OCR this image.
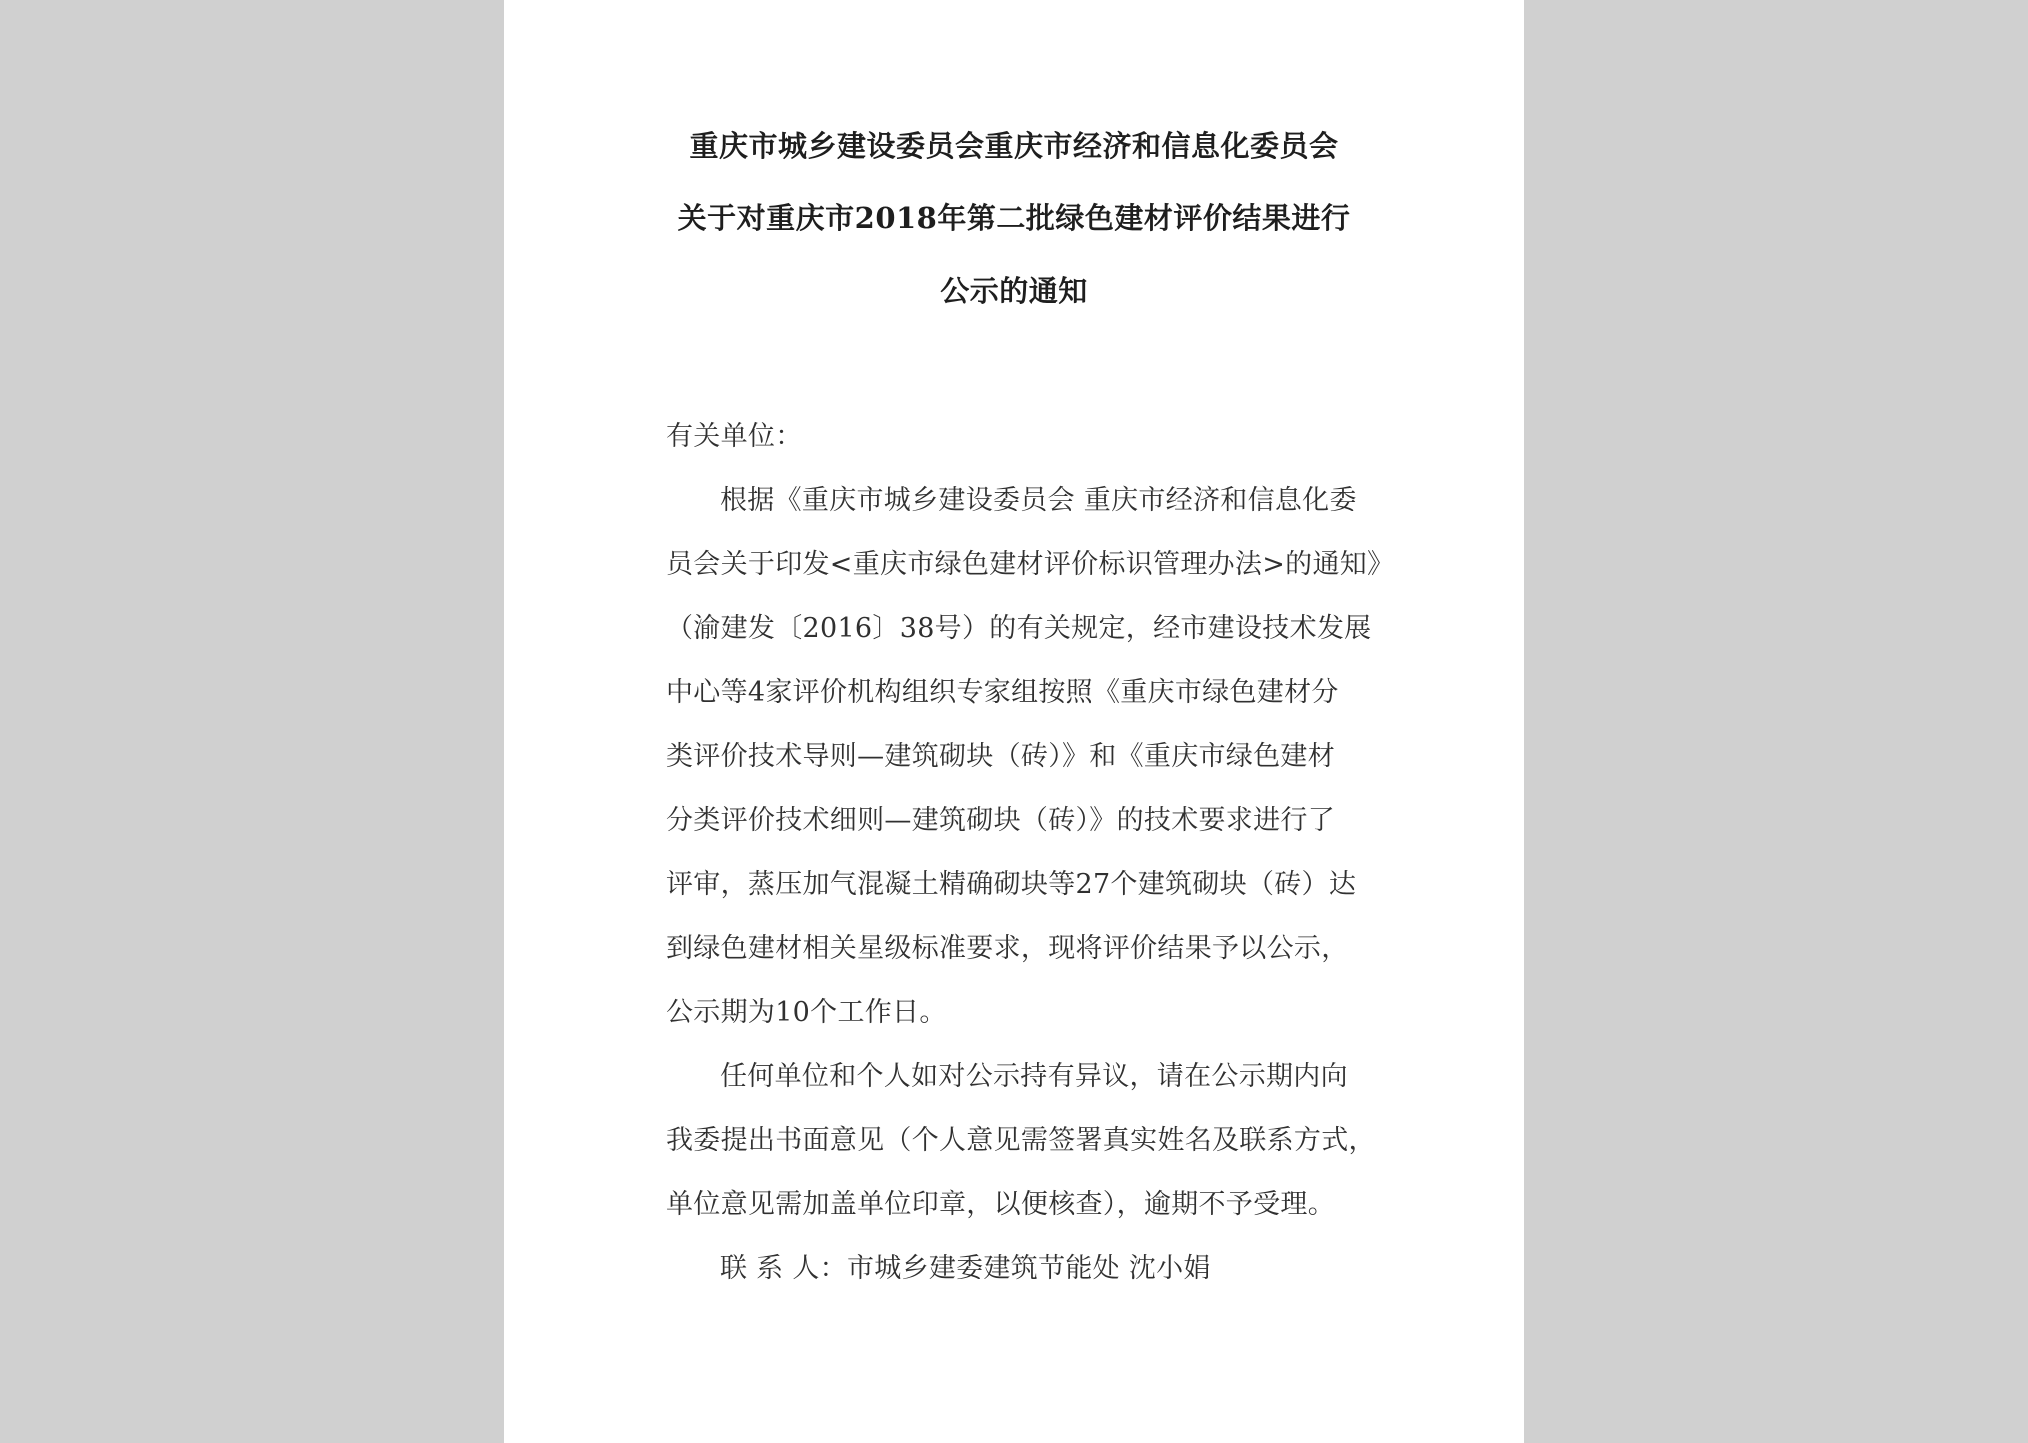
重庆市城乡建设委员会重庆市经济和信息化委员会
关于对重庆市2018年第二批绿色建材评价结果进行
公示的通知
有关单位：
根据《重庆市城乡建设委员会 重庆市经济和信息化委
员会关于印发<重庆市绿色建材评价标识管理办法>的通知》
（渝建发〔2016〕38号）的有关规定，经市建设技术发展
中心等4家评价机构组织专家组按照《重庆市绿色建材分
类评价技术导则—建筑砌块（砖）》和《重庆市绿色建材
分类评价技术细则—建筑砌块（砖）》的技术要求进行了
评审，蒸压加气混凝土精确砌块等27个建筑砌块（砖）达
到绿色建材相关星级标准要求，现将评价结果予以公示，
公示期为10个工作日。
任何单位和个人如对公示持有异议，请在公示期内向
我委提出书面意见（个人意见需签署真实姓名及联系方式，
单位意见需加盖单位印章，以便核查），逾期不予受理。
联 系 人：市城乡建委建筑节能处 沈小娟
